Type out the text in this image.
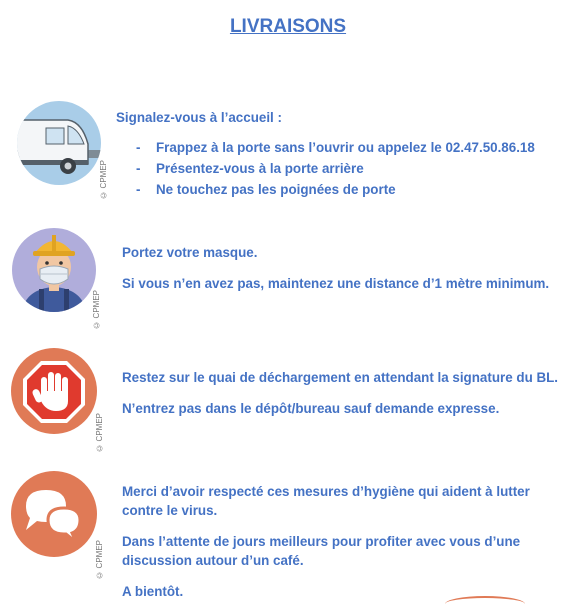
LIVRAISONS
© CPMEP
Signalez-vous à l’accueil :
- Frappez à la porte sans l’ouvrir ou appelez le 02.47.50.86.18
- Présentez-vous à la porte arrière
- Ne touchez pas les poignées de porte
© CPMEP
Portez votre masque.
Si vous n’en avez pas, maintenez une distance d’1 mètre minimum.
© CPMEP
Restez sur le quai de déchargement en attendant la signature du BL.
N’entrez pas dans le dépôt/bureau sauf demande expresse.
© CPMEP
Merci d’avoir respecté ces mesures d’hygiène qui aident à lutter contre le virus.
Dans l’attente de jours meilleurs pour profiter avec vous d’une discussion autour d’un café.
A bientôt.
